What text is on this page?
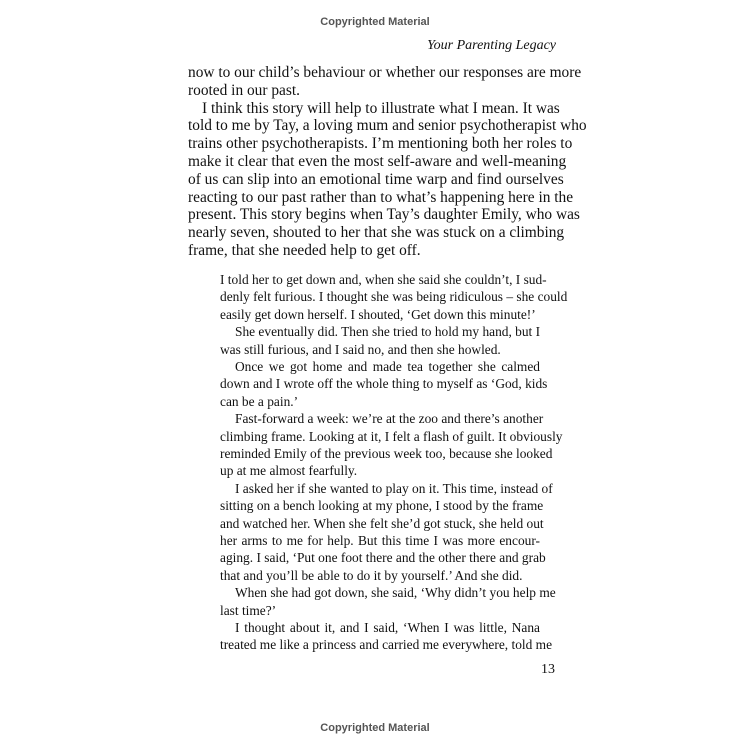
Copyrighted Material
Your Parenting Legacy
now to our child’s behaviour or whether our responses are more
rooted in our past.
I think this story will help to illustrate what I mean. It was
told to me by Tay, a loving mum and senior psychotherapist who
trains other psychotherapists. I’m mentioning both her roles to
make it clear that even the most self-aware and well-meaning
of us can slip into an emotional time warp and find ourselves
reacting to our past rather than to what’s happening here in the
present. This story begins when Tay’s daughter Emily, who was
nearly seven, shouted to her that she was stuck on a climbing
frame, that she needed help to get off.
I told her to get down and, when she said she couldn’t, I sud-
denly felt furious. I thought she was being ridiculous – she could
easily get down herself. I shouted, ‘Get down this minute!’
She eventually did. Then she tried to hold my hand, but I
was still furious, and I said no, and then she howled.
Once we got home and made tea together she calmed
down and I wrote off the whole thing to myself as ‘God, kids
can be a pain.’
Fast-forward a week: we’re at the zoo and there’s another
climbing frame. Looking at it, I felt a flash of guilt. It obviously
reminded Emily of the previous week too, because she looked
up at me almost fearfully.
I asked her if she wanted to play on it. This time, instead of
sitting on a bench looking at my phone, I stood by the frame
and watched her. When she felt she’d got stuck, she held out
her arms to me for help. But this time I was more encour-
aging. I said, ‘Put one foot there and the other there and grab
that and you’ll be able to do it by yourself.’ And she did.
When she had got down, she said, ‘Why didn’t you help me
last time?’
I thought about it, and I said, ‘When I was little, Nana
treated me like a princess and carried me everywhere, told me
13
Copyrighted Material
